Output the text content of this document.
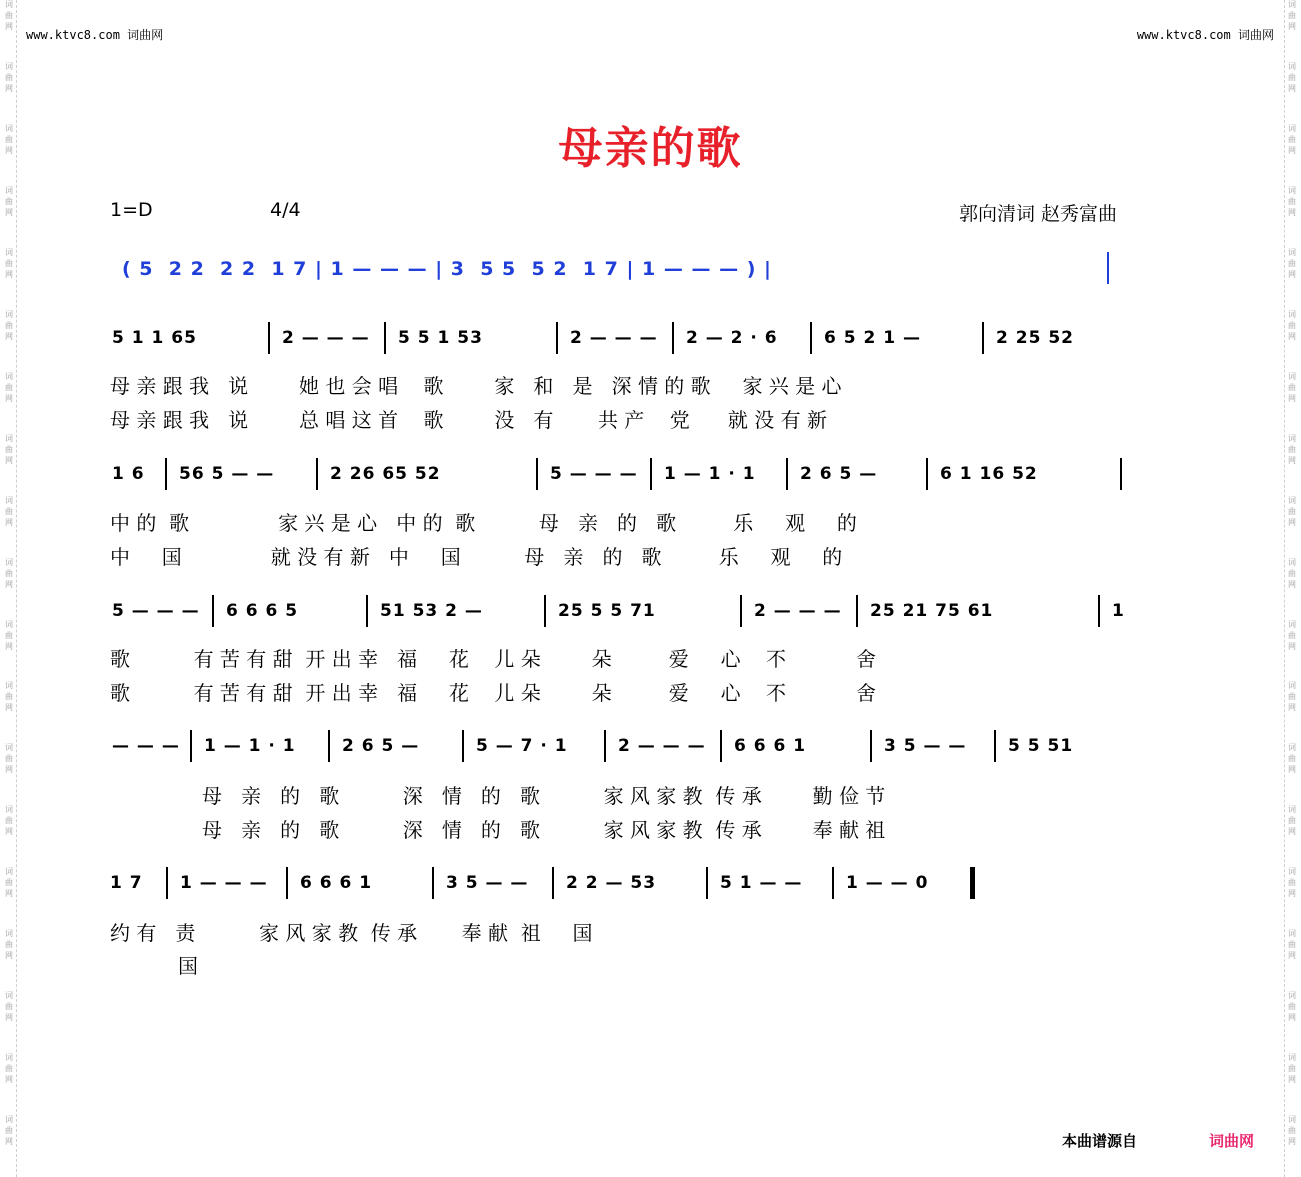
词
曲
网
词
曲
网
词
曲
网
词
曲
网
词
曲
网
词
曲
网
词
曲
网
词
曲
网
词
曲
网
词
曲
网
词
曲
网
词
曲
网
词
曲
网
词
曲
网
词
曲
网
词
曲
网
词
曲
网
词
曲
网
词
曲
网
词
曲
网
词
曲
网
词
曲
网
词
曲
网
词
曲
网
词
曲
网
词
曲
网
词
曲
网
词
曲
网
词
曲
网
词
曲
网
词
曲
网
词
曲
网
词
曲
网
词
曲
网
词
曲
网
词
曲
网
词
曲
网
词
曲
网
www.ktvc8.com 词曲网	www.ktvc8.com 词曲网
母亲的歌
1=D	4/4	郭向清词 赵秀富曲
( 5  2 2  2 2  1 7 | 1 — — — | 3  5 5  5 2  1 7 | 1 — — — ) |
5 1 1 65	2 — — — 5 5 1 53	2 — — — 2 — 2 · 6	6 5 2 1 —	2 25 52
母 亲 跟 我   说        她 也 会 唱    歌        家   和   是   深 情 的 歌     家 兴 是 心
母 亲 跟 我   说        总 唱 这 首    歌        没   有       共 产    党      就 没 有 新
1 6 56 5 — —	2 26 65 52	5 — — — 1 — 1 · 1	2 6 5 —	6 1 16 52
中 的  歌              家 兴 是 心   中 的  歌          母   亲   的   歌         乐     观     的
中     国              就 没 有 新   中     国          母   亲   的   歌         乐     观     的
5 — — — 6 6 6 5	51 53 2 —	25 5 5 71	2 — — — 25 21 75 61	1
歌          有 苦 有 甜  开 出 幸   福     花    儿 朵        朵         爱     心    不           舍
歌          有 苦 有 甜  开 出 幸   福     花    儿 朵        朵         爱     心    不           舍
— — — 1 — 1 · 1	2 6 5 —	5 — 7 · 1	2 — — — 6 6 6 1	3 5 — — 5 5 51
母   亲   的   歌          深   情   的   歌          家 风 家 教  传 承        勤 俭 节
母   亲   的   歌          深   情   的   歌          家 风 家 教  传 承        奉 献 祖
1 7 1 — — — 6 6 6 1	3 5 — — 2 2 — 53	5 1 — —	1 — — 0
约 有   责          家 风 家 教  传 承       奉 献  祖     国
国
本曲谱源自	词曲网
